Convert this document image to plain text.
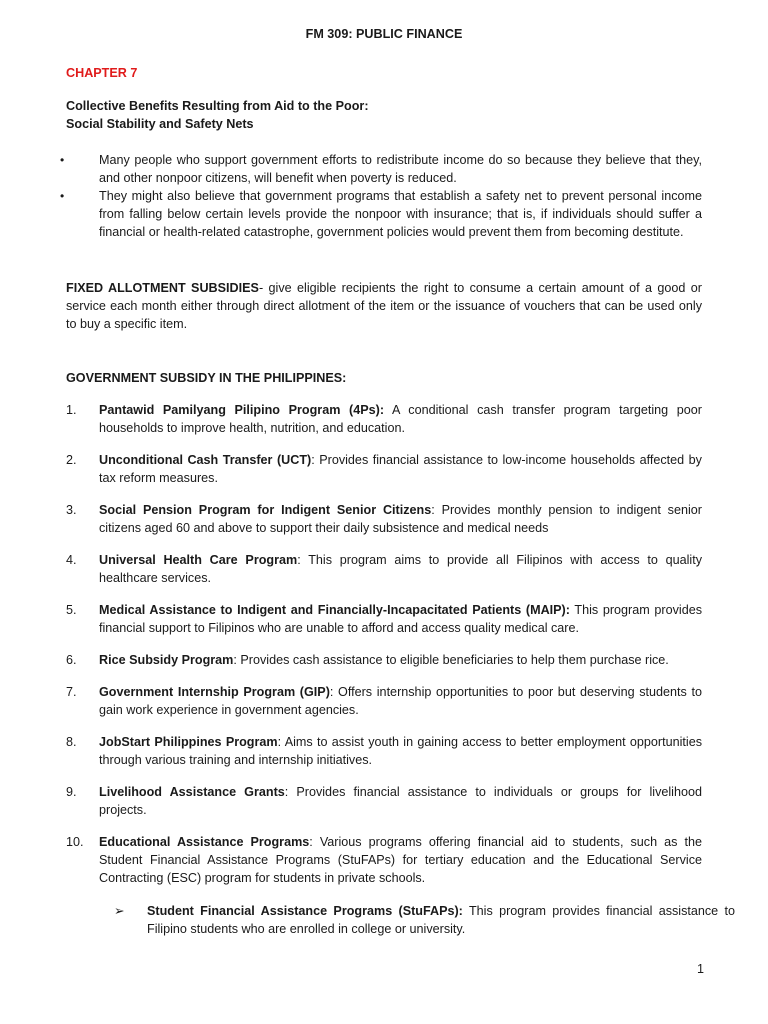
FM 309: PUBLIC FINANCE
CHAPTER 7
Collective Benefits Resulting from Aid to the Poor:
Social Stability and Safety Nets
•	Many people who support government efforts to redistribute income do so because they believe that they, and other nonpoor citizens, will benefit when poverty is reduced.
•	They might also believe that government programs that establish a safety net to prevent personal income from falling below certain levels provide the nonpoor with insurance; that is, if individuals should suffer a financial or health-related catastrophe, government policies would prevent them from becoming destitute.
FIXED ALLOTMENT SUBSIDIES- give eligible recipients the right to consume a certain amount of a good or service each month either through direct allotment of the item or the issuance of vouchers that can be used only to buy a specific item.
GOVERNMENT SUBSIDY IN THE PHILIPPINES:
1. Pantawid Pamilyang Pilipino Program (4Ps): A conditional cash transfer program targeting poor households to improve health, nutrition, and education.
2. Unconditional Cash Transfer (UCT): Provides financial assistance to low-income households affected by tax reform measures.
3. Social Pension Program for Indigent Senior Citizens: Provides monthly pension to indigent senior citizens aged 60 and above to support their daily subsistence and medical needs
4. Universal Health Care Program: This program aims to provide all Filipinos with access to quality healthcare services.
5. Medical Assistance to Indigent and Financially-Incapacitated Patients (MAIP): This program provides financial support to Filipinos who are unable to afford and access quality medical care.
6. Rice Subsidy Program: Provides cash assistance to eligible beneficiaries to help them purchase rice.
7. Government Internship Program (GIP): Offers internship opportunities to poor but deserving students to gain work experience in government agencies.
8. JobStart Philippines Program: Aims to assist youth in gaining access to better employment opportunities through various training and internship initiatives.
9. Livelihood Assistance Grants: Provides financial assistance to individuals or groups for livelihood projects.
10. Educational Assistance Programs: Various programs offering financial aid to students, such as the Student Financial Assistance Programs (StuFAPs) for tertiary education and the Educational Service Contracting (ESC) program for students in private schools.
➢ Student Financial Assistance Programs (StuFAPs): This program provides financial assistance to Filipino students who are enrolled in college or university.
1
